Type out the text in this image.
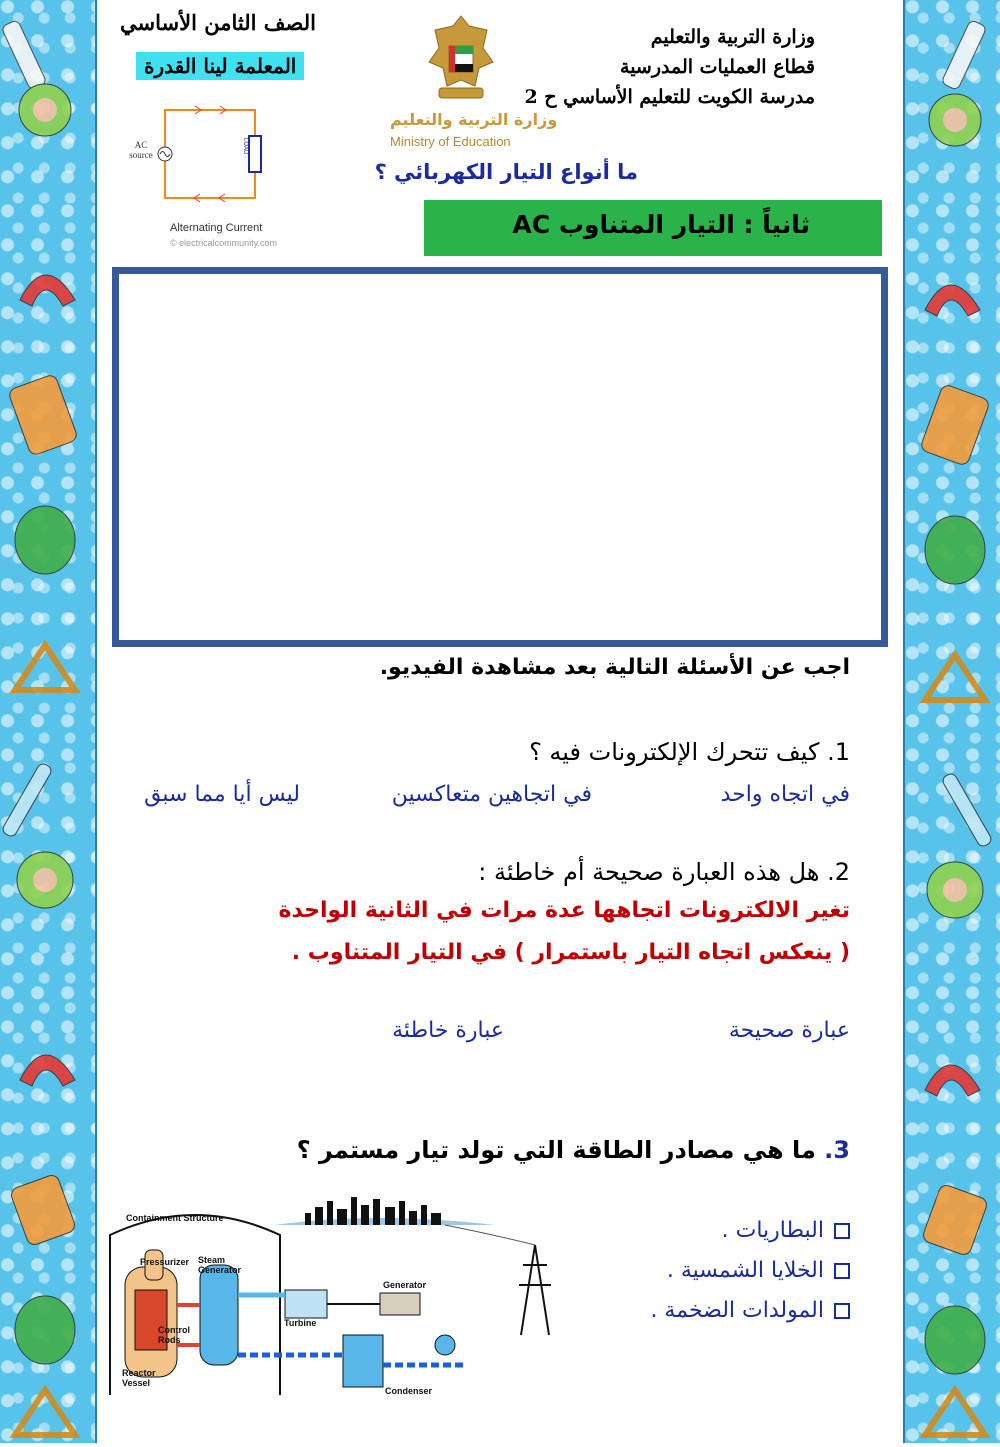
وزارة التربية والتعليم
قطاع العمليات المدرسية
مدرسة الكويت للتعليم الأساسي ح 2
الصف الثامن الأساسي
المعلمة لينا القدرة
وزارة التربية والتعليم
Ministry of Education
AC source
LOAD
Alternating Current
© electricalcommunity.com
ما أنواع التيار الكهربائي ؟
ثانياً : التيار المتناوب AC
اجب عن الأسئلة التالية بعد مشاهدة الفيديو.
1. كيف تتحرك الإلكترونات فيه ؟
في اتجاه واحد
في اتجاهين متعاكسين
ليس أيا مما سبق
2. هل هذه العبارة صحيحة أم خاطئة :
تغير الالكترونات اتجاهها عدة مرات في الثانية الواحدة
( ينعكس اتجاه التيار باستمرار ) في التيار المتناوب .
عبارة صحيحة
عبارة خاطئة
3. ما هي مصادر الطاقة التي تولد تيار مستمر ؟
البطاريات .
الخلايا الشمسية .
المولدات الضخمة .
Containment Structure
Pressurizer Steam Generator
Control Rods
Reactor Vessel
Turbine
Generator
Condenser
